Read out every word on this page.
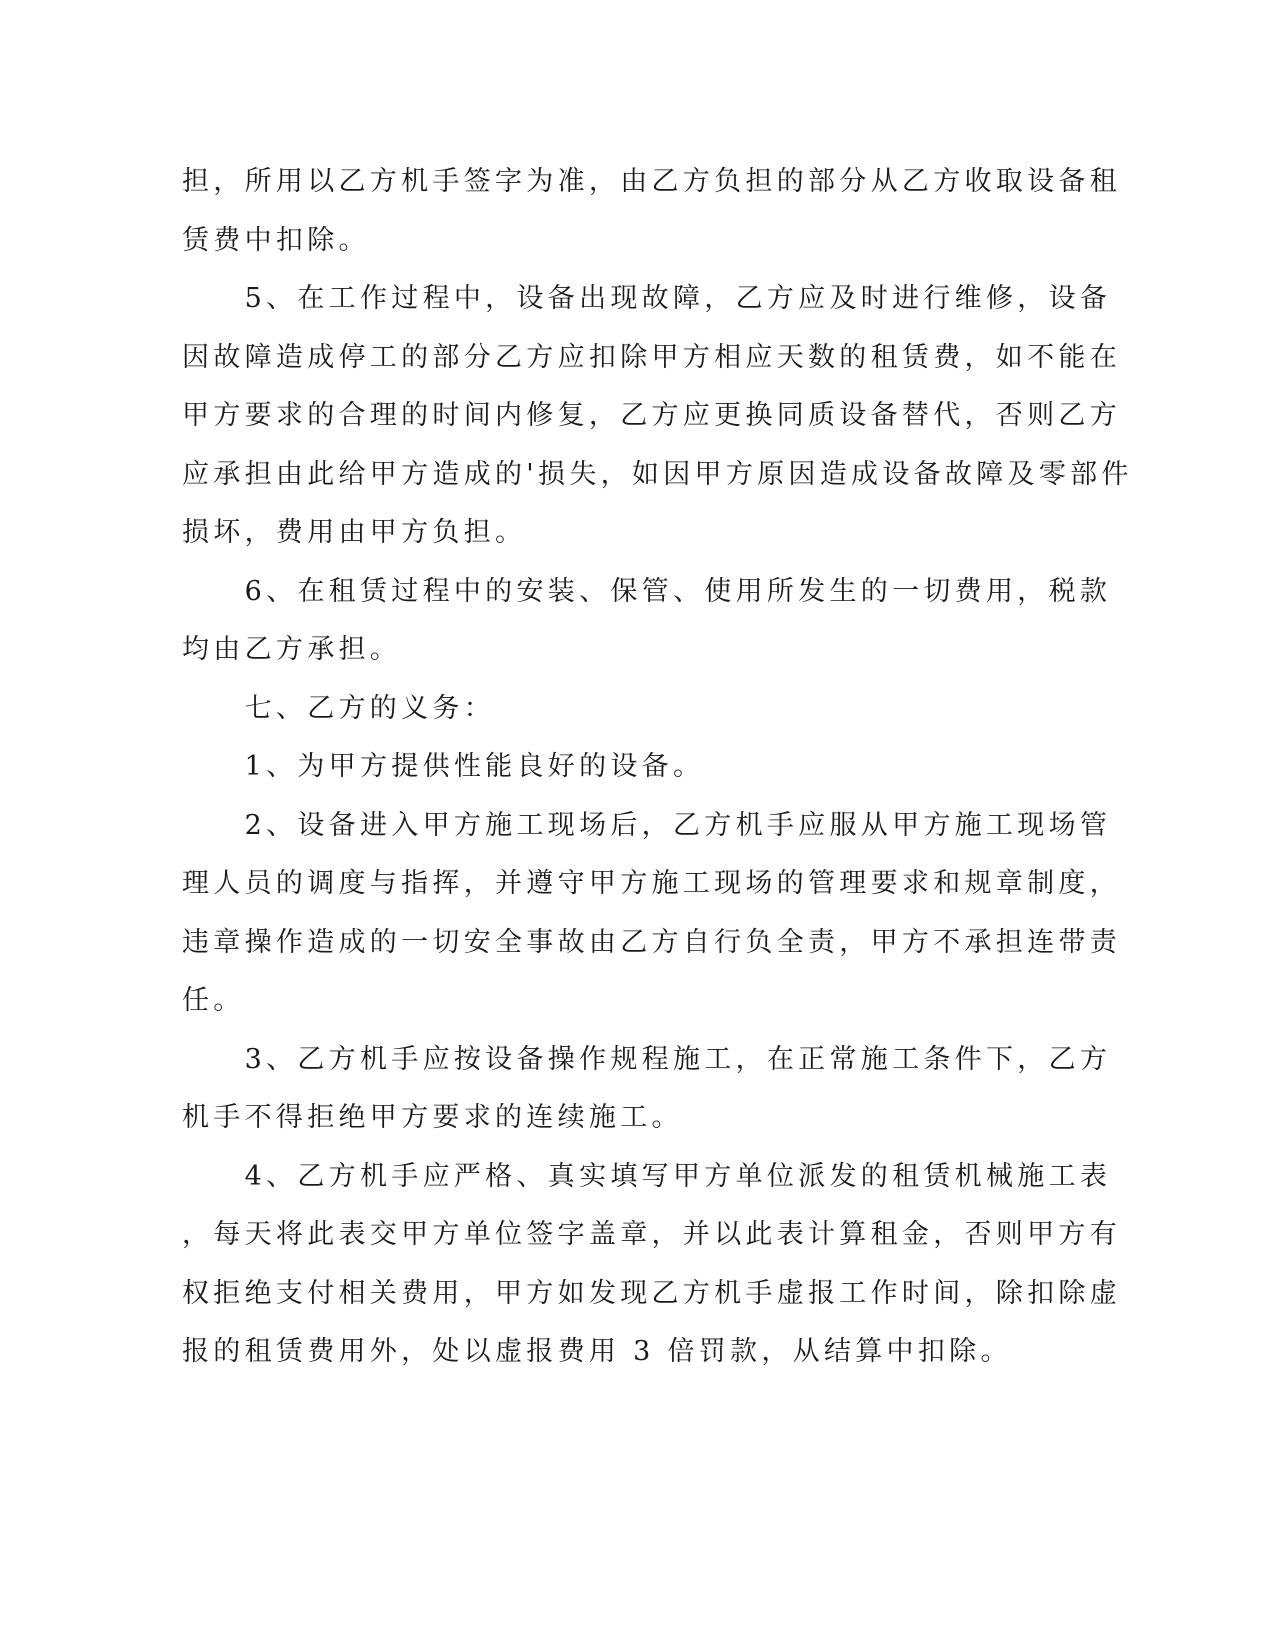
担，所用以乙方机手签字为准，由乙方负担的部分从乙方收取设备租

赁费中扣除。

　　5、在工作过程中，设备出现故障，乙方应及时进行维修，设备

因故障造成停工的部分乙方应扣除甲方相应天数的租赁费，如不能在

甲方要求的合理的时间内修复，乙方应更换同质设备替代，否则乙方

应承担由此给甲方造成的'损失，如因甲方原因造成设备故障及零部件

损坏，费用由甲方负担。

　　6、在租赁过程中的安装、保管、使用所发生的一切费用，税款

均由乙方承担。

　　七、乙方的义务：

　　1、为甲方提供性能良好的设备。

　　2、设备进入甲方施工现场后，乙方机手应服从甲方施工现场管

理人员的调度与指挥，并遵守甲方施工现场的管理要求和规章制度，

违章操作造成的一切安全事故由乙方自行负全责，甲方不承担连带责

任。

　　3、乙方机手应按设备操作规程施工，在正常施工条件下，乙方

机手不得拒绝甲方要求的连续施工。

　　4、乙方机手应严格、真实填写甲方单位派发的租赁机械施工表

，每天将此表交甲方单位签字盖章，并以此表计算租金，否则甲方有

权拒绝支付相关费用，甲方如发现乙方机手虚报工作时间，除扣除虚

报的租赁费用外，处以虚报费用 3 倍罚款，从结算中扣除。
